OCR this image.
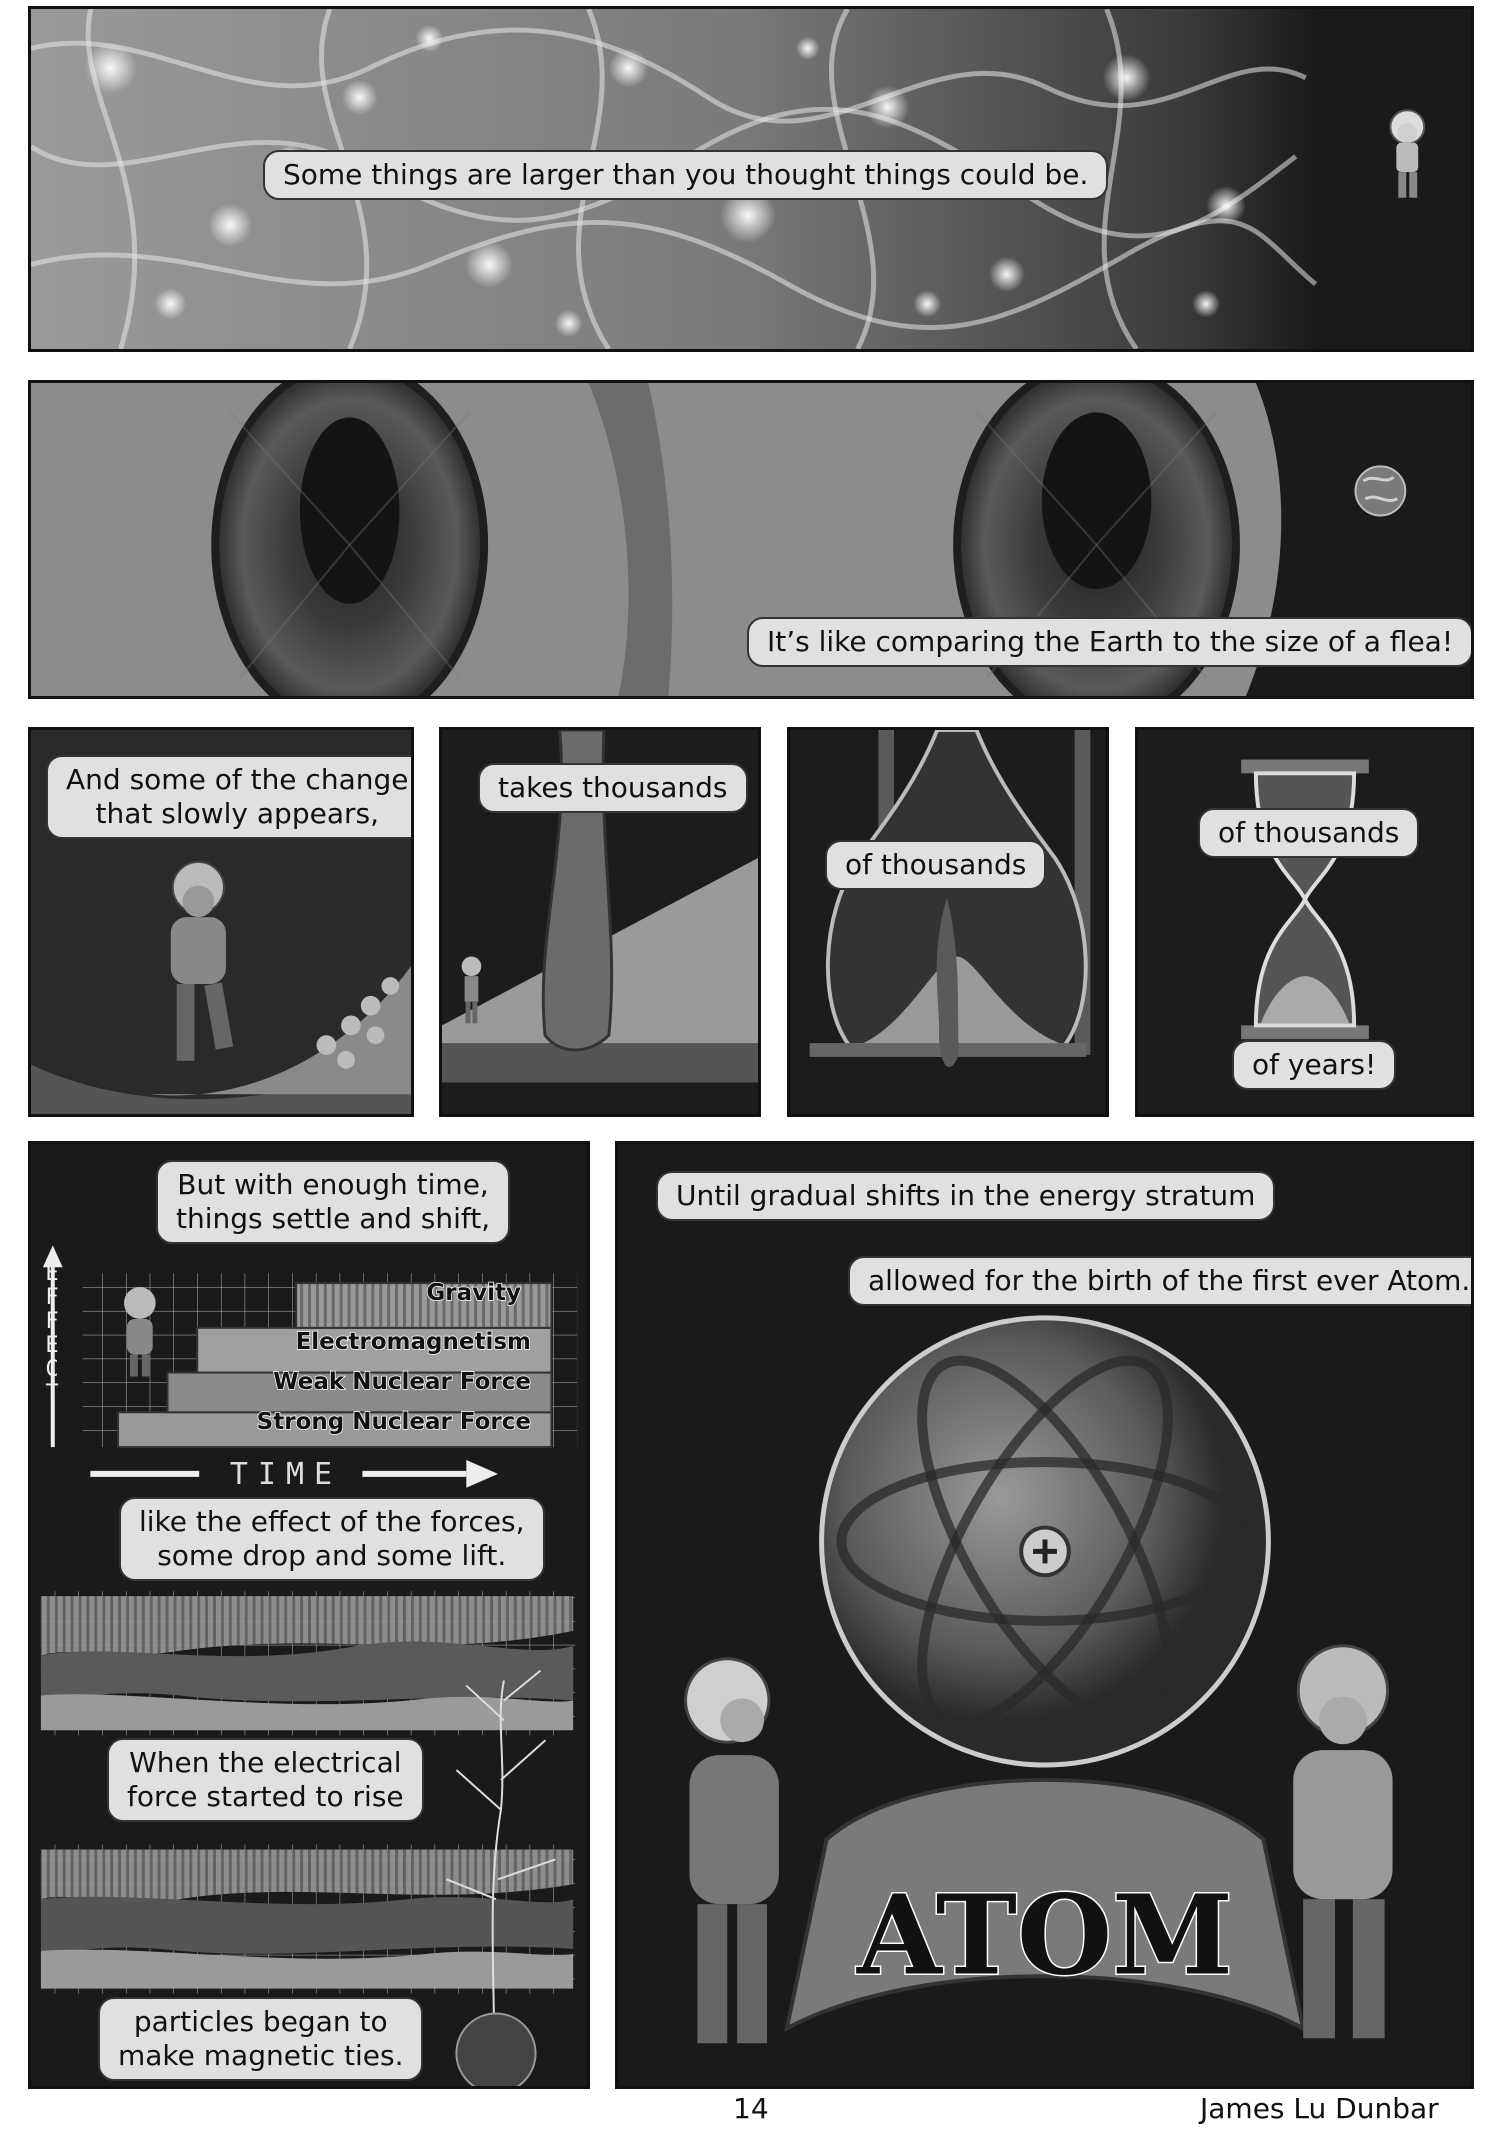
Some things are larger than you thought things could be.
It’s like comparing the Earth to the size of a flea!
And some of the change
that slowly appears,
takes thousands
of thousands
of thousands
of years!
EFFECT
TIME
Gravity
Electromagnetism
Weak Nuclear Force
Strong Nuclear Force
But with enough time,
things settle and shift,
like the effect of the forces,
some drop and some lift.
When the electrical
force started to rise
particles began to
make magnetic ties.
ATOM
Until gradual shifts in the energy stratum
allowed for the birth of the first ever Atom.
14	James Lu Dunbar
